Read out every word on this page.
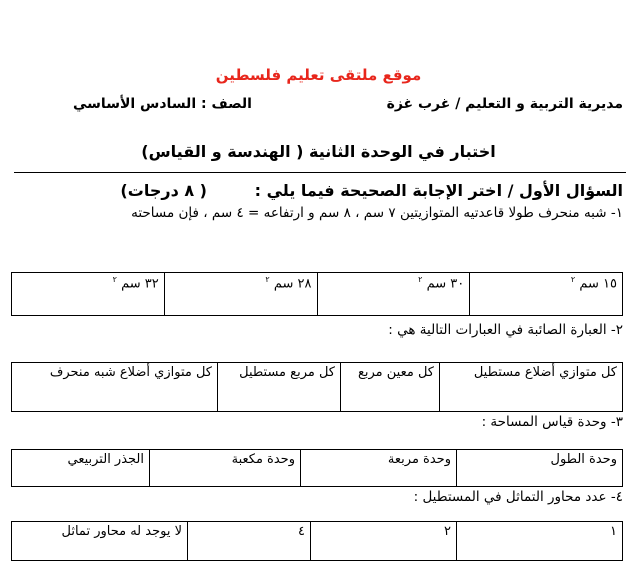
موقع ملتقى تعليم فلسطين
مديرية التربية و التعليم / غرب غزة
الصف : السادس الأساسي
اختبار في الوحدة الثانية ( الهندسة و القياس)
السؤال الأول / اختر الإجابة الصحيحة فيما يلي :
( ٨ درجات)
١- شبه منحرف طولا قاعدتيه المتوازيتين ٧ سم ، ٨ سم و ارتفاعه = ٤ سم ، فإن مساحته
١٥ سم $^٢$	٣٠ سم $^٢$	٢٨ سم $^٢$	٣٢ سم $^٢$
٢- العبارة الصائبة في العبارات التالية هي :
كل متوازي أضلاع مستطيل	كل معين مربع	كل مربع مستطيل	كل متوازي أضلاع شبه منحرف
٣- وحدة قياس المساحة :
وحدة الطول	وحدة مربعة	وحدة مكعبة	الجذر التربيعي
٤- عدد محاور التماثل في المستطيل :
١	٢	٤	لا يوجد له محاور تماثل
